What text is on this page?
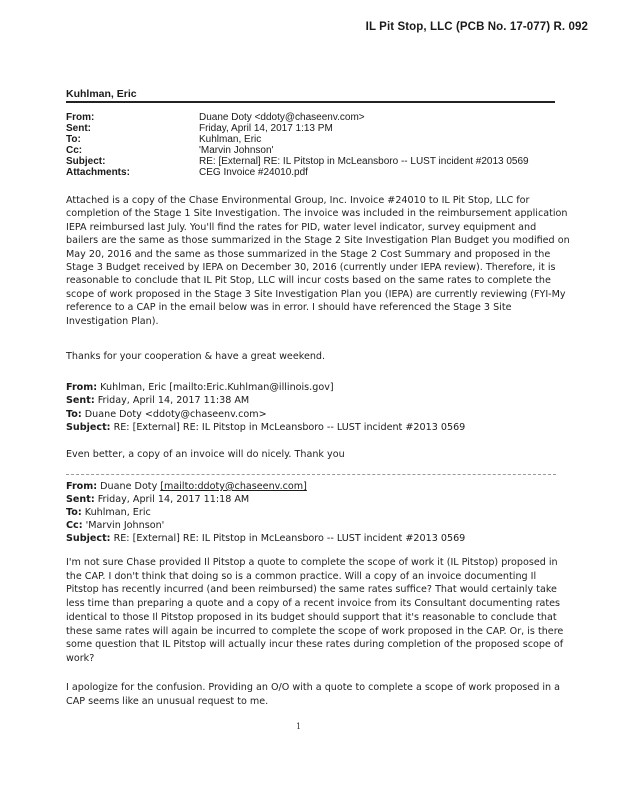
IL Pit Stop, LLC (PCB No. 17-077) R. 092
Kuhlman, Eric
From:	Duane Doty <ddoty@chaseenv.com>
Sent:	Friday, April 14, 2017 1:13 PM
To:	Kuhlman, Eric
Cc:	'Marvin Johnson'
Subject:	RE: [External] RE: IL Pitstop in McLeansboro -- LUST incident #2013 0569
Attachments:	CEG Invoice #24010.pdf

Attached is a copy of the Chase Environmental Group, Inc. Invoice #24010 to IL Pit Stop, LLC for
completion of the Stage 1 Site Investigation. The invoice was included in the reimbursement application
IEPA reimbursed last July. You'll find the rates for PID, water level indicator, survey equipment and
bailers are the same as those summarized in the Stage 2 Site Investigation Plan Budget you modified on
May 20, 2016 and the same as those summarized in the Stage 2 Cost Summary and proposed in the
Stage 3 Budget received by IEPA on December 30, 2016 (currently under IEPA review). Therefore, it is
reasonable to conclude that IL Pit Stop, LLC will incur costs based on the same rates to complete the
scope of work proposed in the Stage 3 Site Investigation Plan you (IEPA) are currently reviewing (FYI-My
reference to a CAP in the email below was in error. I should have referenced the Stage 3 Site
Investigation Plan).

Thanks for your cooperation & have a great weekend.

From: Kuhlman, Eric [mailto:Eric.Kuhlman@illinois.gov]
Sent: Friday, April 14, 2017 11:38 AM
To: Duane Doty <ddoty@chaseenv.com>
Subject: RE: [External] RE: IL Pitstop in McLeansboro -- LUST incident #2013 0569

Even better, a copy of an invoice will do nicely. Thank you

From: Duane Doty [mailto:ddoty@chaseenv.com]
Sent: Friday, April 14, 2017 11:18 AM
To: Kuhlman, Eric
Cc: 'Marvin Johnson'
Subject: RE: [External] RE: IL Pitstop in McLeansboro -- LUST incident #2013 0569

I'm not sure Chase provided Il Pitstop a quote to complete the scope of work it (IL Pitstop) proposed in
the CAP. I don't think that doing so is a common practice. Will a copy of an invoice documenting Il
Pitstop has recently incurred (and been reimbursed) the same rates suffice? That would certainly take
less time than preparing a quote and a copy of a recent invoice from its Consultant documenting rates
identical to those Il Pitstop proposed in its budget should support that it's reasonable to conclude that
these same rates will again be incurred to complete the scope of work proposed in the CAP. Or, is there
some question that IL Pitstop will actually incur these rates during completion of the proposed scope of
work?

I apologize for the confusion. Providing an O/O with a quote to complete a scope of work proposed in a
CAP seems like an unusual request to me.

1
